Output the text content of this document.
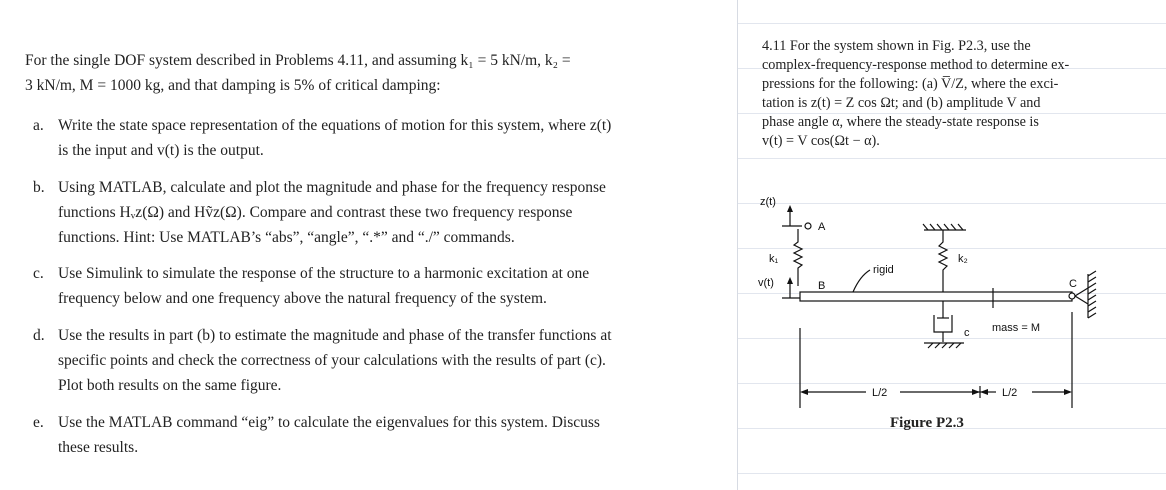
For the single DOF system described in Problems 4.11, and assuming k₁ = 5 kN/m, k₂ =
3 kN/m, M = 1000 kg, and that damping is 5% of critical damping:
a. Write the state space representation of the equations of motion for this system, where z(t)
is the input and v(t) is the output.
b. Using MATLAB, calculate and plot the magnitude and phase for the frequency response
functions Hᵥz(Ω) and Hṽz(Ω). Compare and contrast these two frequency response
functions. Hint: Use MATLAB’s “abs”, “angle”, “.*” and “./” commands.
c. Use Simulink to simulate the response of the structure to a harmonic excitation at one
frequency below and one frequency above the natural frequency of the system.
d. Use the results in part (b) to estimate the magnitude and phase of the transfer functions at
specific points and check the correctness of your calculations with the results of part (c).
Plot both results on the same figure.
e. Use the MATLAB command “eig” to calculate the eigenvalues for this system. Discuss
these results.
4.11 For the system shown in Fig. P2.3, use the
complex-frequency-response method to determine ex-
pressions for the following: (a) V̅/Z, where the exci-
tation is z(t) = Z cos Ωt; and (b) amplitude V and
phase angle α, where the steady-state response is
v(t) = V cos(Ωt − α).
z(t)
A
k₁
v(t)	B
rigid
k₂
C
c mass = M
L/2	L/2
Figure P2.3
